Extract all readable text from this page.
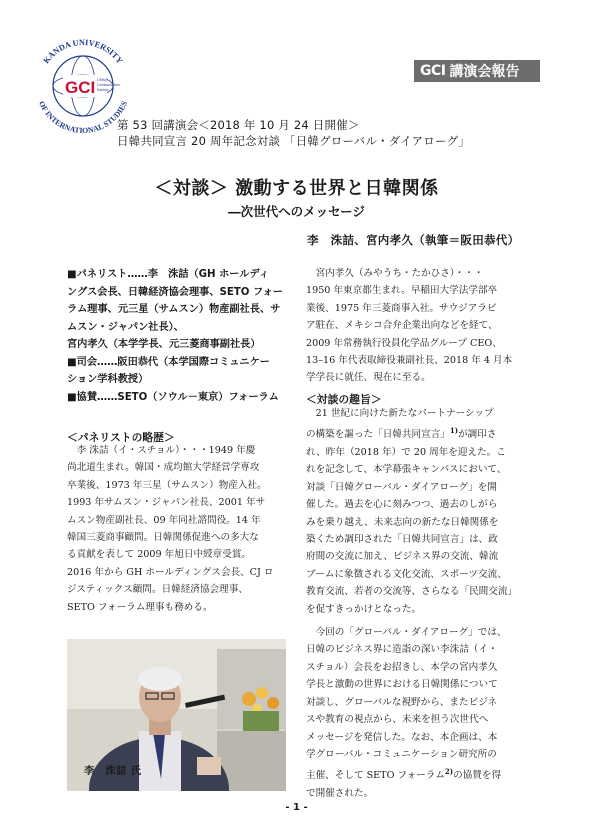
KANDA UNIVERSITY
OF INTERNATIONAL STUDIES
GCI Global
Communication
Institute
GCI 講演会報告
第 53 回講演会＜2018 年 10 月 24 日開催＞
日韓共同宣言 20 周年記念対談 「日韓グローバル・ダイアローグ」
＜対談＞ 激動する世界と日韓関係
―次世代へのメッセージ
李　洙詰、宮内孝久（執筆＝阪田恭代）
■パネリスト……李　洙詰（GH ホールディ
ングス会長、日韓経済協会理事、SETO フォー
ラム理事、元三星（サムスン）物産副社長、サ
ムスン・ジャパン社長）、
宮内孝久（本学学長、元三菱商事副社長）
■司会……阪田恭代（本学国際コミュニケー
ション学科教授）
■協賛……SETO（ソウル－東京）フォーラム
＜パネリストの略歴＞
李 洙詰（イ・スチョル）・・・1949 年慶
尚北道生まれ。韓国・成均館大学経営学専攻
卒業後、1973 年三星（サムスン）物産入社。
1993 年サムスン・ジャパン社長、2001 年サ
ムスン物産副社長、09 年同社諮問役。14 年
韓国三菱商事顧問。日韓関係促進への多大な
る貢献を表して 2009 年旭日中綬章受賞。
2016 年から GH ホールディングス会長、CJ ロ
ジスティックス顧問。日韓経済協会理事、
SETO フォーラム理事も務める。
李　洙詰 氏
宮内孝久（みやうち・たかひさ）・・・
1950 年東京都生まれ。早稲田大学法学部卒
業後、1975 年三菱商事入社。サウジアラビ
ア駐在、メキシコ合弁企業出向などを経て、
2009 年常務執行役員化学品グループ CEO、
13–16 年代表取締役兼副社長、2018 年 4 月本
学学長に就任、現在に至る。
＜対談の趣旨＞
21 世紀に向けた新たなパートナーシップ
の構築を謳った「日韓共同宣言」$^{1)}$が調印さ
れ、昨年（2018 年）で 20 周年を迎えた。こ
れを記念して、本学幕張キャンパスにおいて、
対談「日韓グローバル・ダイアローグ」を開
催した。過去を心に刻みつつ、過去のしがら
みを乗り越え、未来志向の新たな日韓関係を
築くため調印された「日韓共同宣言」は、政
府間の交流に加え、ビジネス界の交流、韓流
ブームに象徴される文化交流、スポーツ交流、
教育交流、若者の交流等、さらなる「民間交流」
を促すきっかけとなった。
今回の「グローバル・ダイアローグ」では、
日韓のビジネス界に造詣の深い李洙詰（イ・
スチョル）会長をお招きし、本学の宮内孝久
学長と激動の世界における日韓関係について
対談し、グローバルな視野から、またビジネ
スや教育の視点から、未来を担う次世代へ
メッセージを発信した。なお、本企画は、本
学グローバル・コミュニケーション研究所の
主催、そして SETO フォーラム$^{2)}$の協賛を得
で開催された。
- 1 -
